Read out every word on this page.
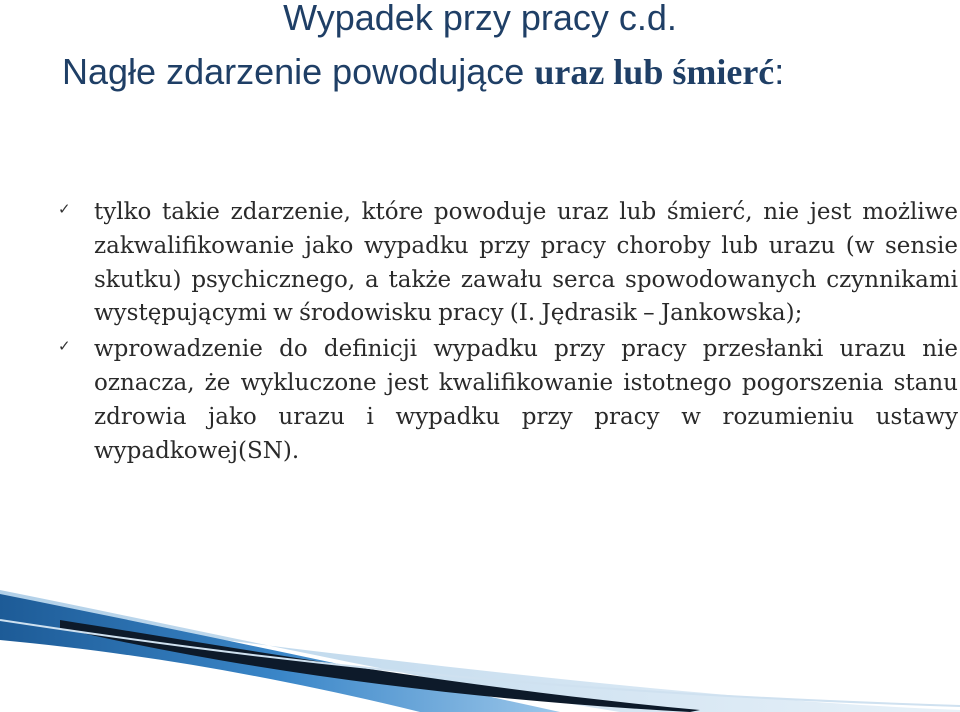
Wypadek przy pracy c.d.
Nagłe zdarzenie powodujące uraz lub śmierć:
✓ tylko takie zdarzenie, które powoduje uraz lub śmierć, nie jest możliwe zakwalifikowanie jako wypadku przy pracy choroby lub urazu (w sensie skutku) psychicznego, a także zawału serca spowodowanych czynnikami występującymi w środowisku pracy (I. Jędrasik – Jankowska);
✓ wprowadzenie do definicji wypadku przy pracy przesłanki urazu nie oznacza, że wykluczone jest kwalifikowanie istotnego pogorszenia stanu zdrowia jako urazu i wypadku przy pracy w rozumieniu ustawy wypadkowej(SN).
